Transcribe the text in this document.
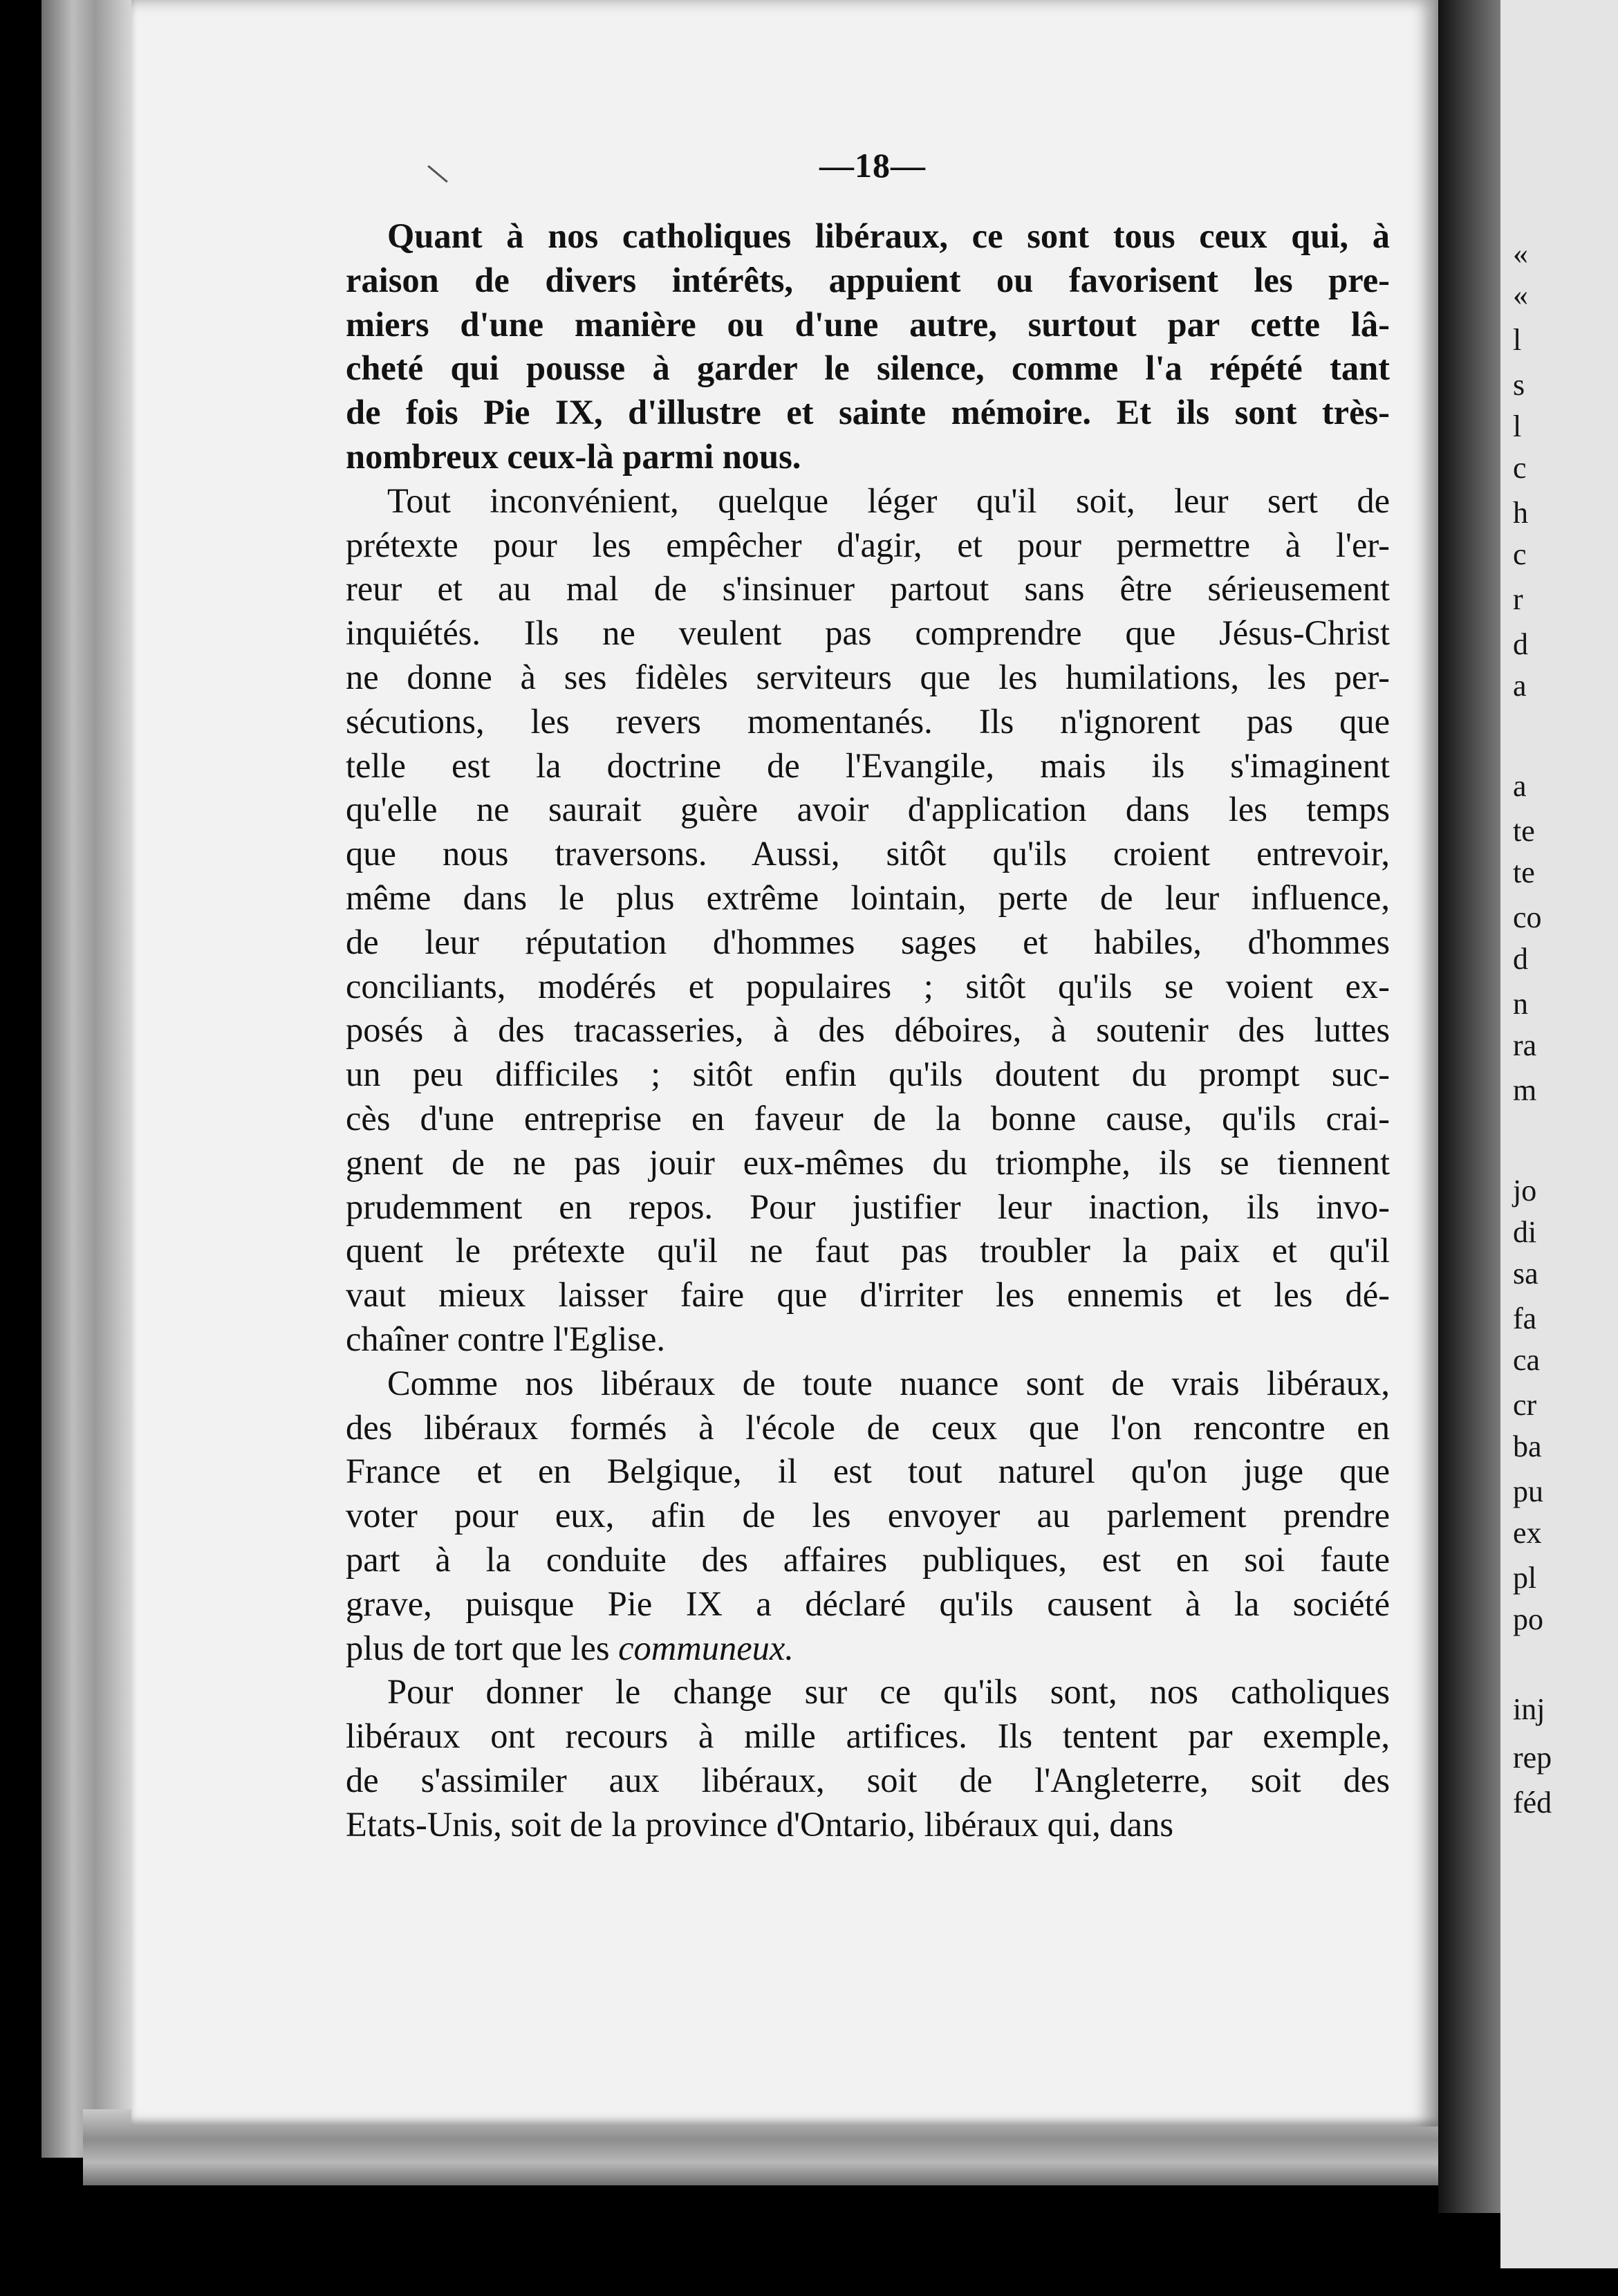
«
«
l
s
l
c
h
c
r
d
a
a
te
te
co
d
n
ra
m
jo
di
sa
fa
ca
cr
ba
pu
ex
pl
po
inj
rep
féd
—18—

Quant à nos catholiques libéraux, ce sont tous ceux qui, à
raison de divers intérêts, appuient ou favorisent les pre-
miers d'une manière ou d'une autre, surtout par cette lâ-
cheté qui pousse à garder le silence, comme l'a répété tant
de fois Pie IX, d'illustre et sainte mémoire. Et ils sont très-
nombreux ceux-là parmi nous.

Tout inconvénient, quelque léger qu'il soit, leur sert de
prétexte pour les empêcher d'agir, et pour permettre à l'er-
reur et au mal de s'insinuer partout sans être sérieusement
inquiétés. Ils ne veulent pas comprendre que Jésus-Christ
ne donne à ses fidèles serviteurs que les humilations, les per-
sécutions, les revers momentanés. Ils n'ignorent pas que
telle est la doctrine de l'Evangile, mais ils s'imaginent
qu'elle ne saurait guère avoir d'application dans les temps
que nous traversons. Aussi, sitôt qu'ils croient entrevoir,
même dans le plus extrême lointain, perte de leur influence,
de leur réputation d'hommes sages et habiles, d'hommes
conciliants, modérés et populaires ; sitôt qu'ils se voient ex-
posés à des tracasseries, à des déboires, à soutenir des luttes
un peu difficiles ; sitôt enfin qu'ils doutent du prompt suc-
cès d'une entreprise en faveur de la bonne cause, qu'ils crai-
gnent de ne pas jouir eux-mêmes du triomphe, ils se tiennent
prudemment en repos. Pour justifier leur inaction, ils invo-
quent le prétexte qu'il ne faut pas troubler la paix et qu'il
vaut mieux laisser faire que d'irriter les ennemis et les dé-
chaîner contre l'Eglise.

Comme nos libéraux de toute nuance sont de vrais libéraux,
des libéraux formés à l'école de ceux que l'on rencontre en
France et en Belgique, il est tout naturel qu'on juge que
voter pour eux, afin de les envoyer au parlement prendre
part à la conduite des affaires publiques, est en soi faute
grave, puisque Pie IX a déclaré qu'ils causent à la société
plus de tort que les communeux.

Pour donner le change sur ce qu'ils sont, nos catholiques
libéraux ont recours à mille artifices. Ils tentent par exemple,
de s'assimiler aux libéraux, soit de l'Angleterre, soit des
Etats-Unis, soit de la province d'Ontario, libéraux qui, dans
